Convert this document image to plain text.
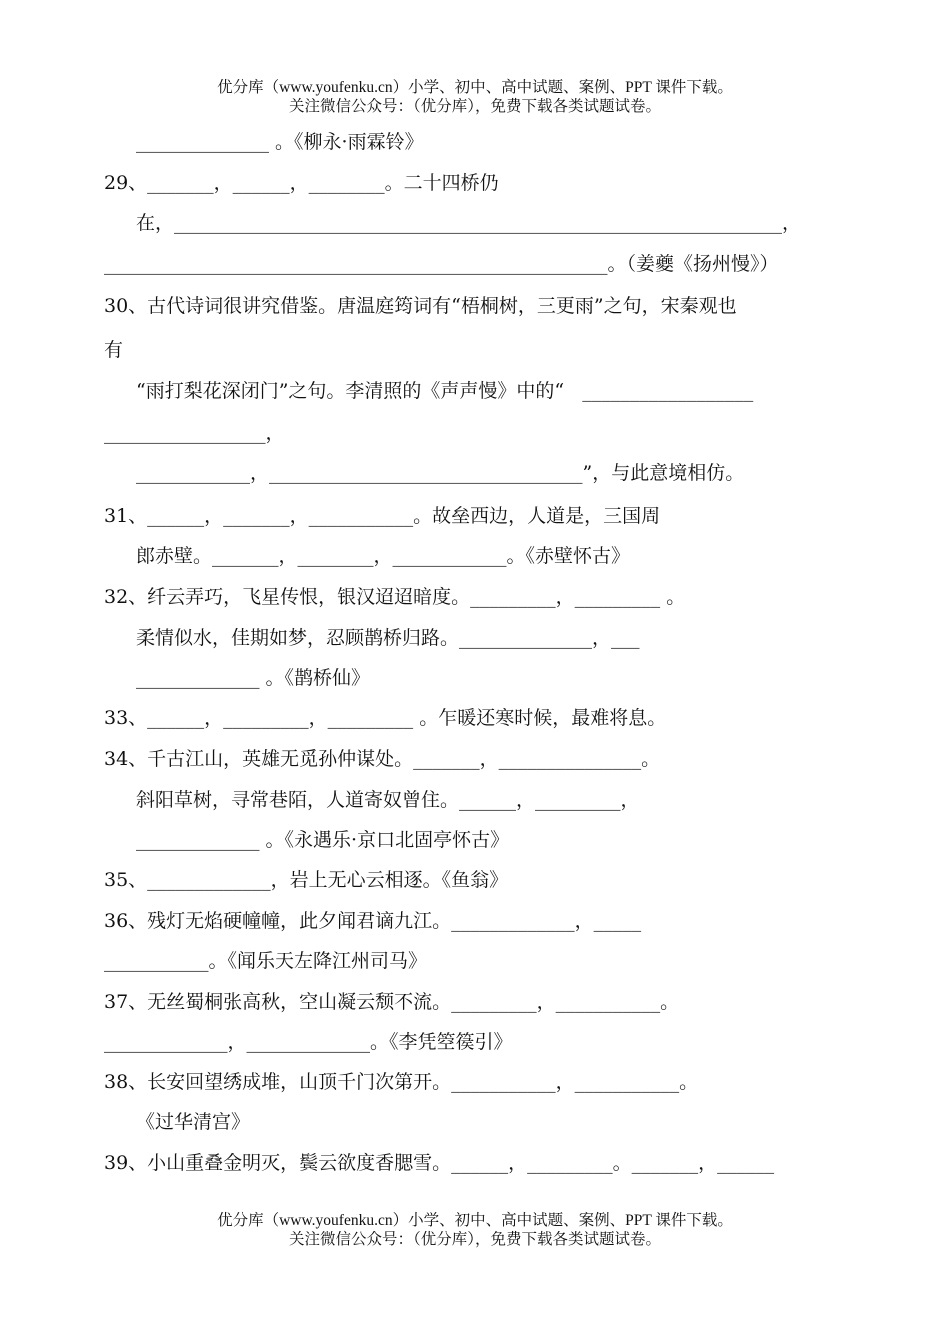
优分库（www.youfenku.cn）小学、初中、高中试题、案例、PPT 课件下载。
关注微信公众号：（优分库），免费下载各类试题试卷。
______________ 。《柳永·雨霖铃》
29、_______，______，________。二十四桥仍
在，________________________________________________________________，
_____________________________________________________。（姜夔《扬州慢》）
30、古代诗词很讲究借鉴。唐温庭筠词有“梧桐树，三更雨”之句，宋秦观也
有
“雨打梨花深闭门”之句。李清照的《声声慢》中的“   __________________
_________________，
____________，_________________________________”，与此意境相仿。
31、______，_______，___________。故垒西边，人道是，三国周
郎赤壁。_______，________，____________。《赤壁怀古》
32、纤云弄巧，飞星传恨，银汉迢迢暗度。_________，_________ 。
柔情似水，佳期如梦，忍顾鹊桥归路。______________，___
_____________ 。《鹊桥仙》
33、______，_________，_________ 。乍暖还寒时候，最难将息。
34、千古江山，英雄无觅孙仲谋处。_______，_______________。
斜阳草树，寻常巷陌，人道寄奴曾住。______，_________，
_____________ 。《永遇乐·京口北固亭怀古》
35、_____________，岩上无心云相逐。《鱼翁》
36、残灯无焰硬幢幢，此夕闻君谪九江。_____________，_____
___________。《闻乐天左降江州司马》
37、无丝蜀桐张高秋，空山凝云颓不流。_________，___________。
_____________，_____________。《李凭箜篌引》
38、长安回望绣成堆，山顶千门次第开。___________，___________。
《过华清宫》
39、小山重叠金明灭，鬓云欲度香腮雪。______，_________。_______，______
优分库（www.youfenku.cn）小学、初中、高中试题、案例、PPT 课件下载。
关注微信公众号：（优分库），免费下载各类试题试卷。
